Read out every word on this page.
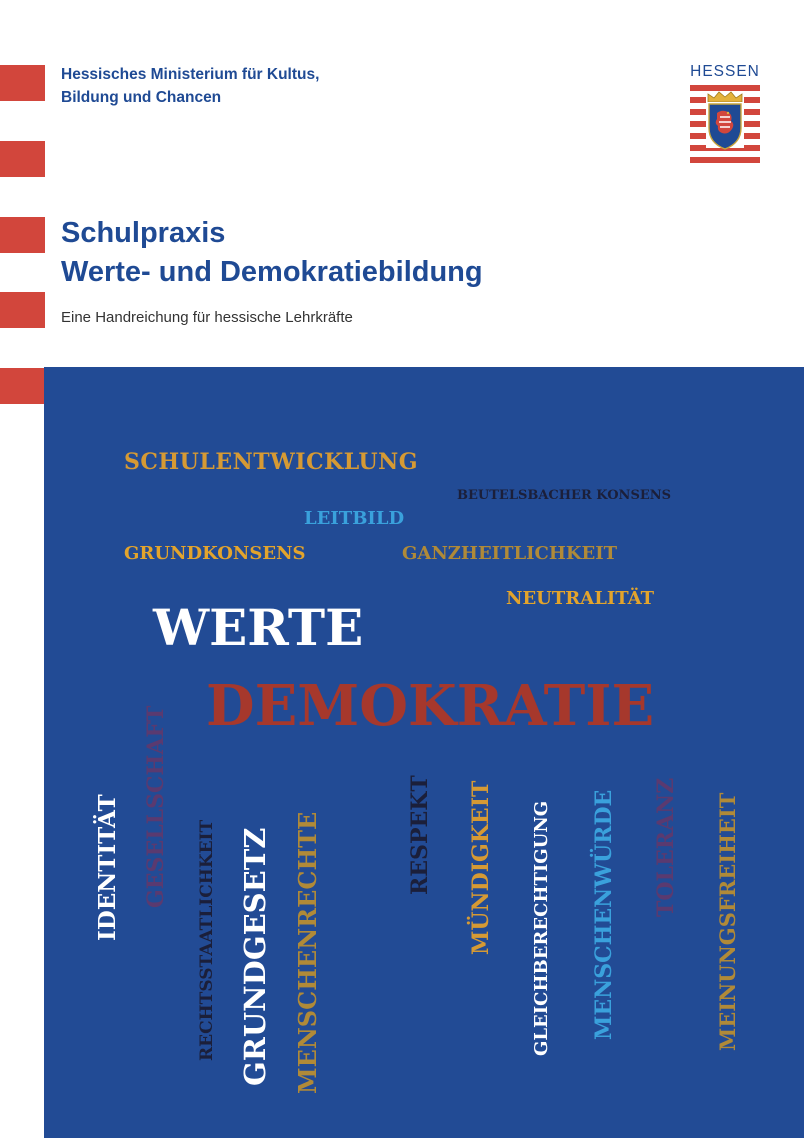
Hessisches Ministerium für Kultus,
Bildung und Chancen
HESSEN
Schulpraxis
Werte- und Demokratiebildung
Eine Handreichung für hessische Lehrkräfte
SCHULENTWICKLUNG
BEUTELSBACHER KONSENS
LEITBILD
GRUNDKONSENS	GANZHEITLICHKEIT
NEUTRALITÄT
WERTE
GESELLSCHAFT DEMOKRATIE
IDENTITÄT	RECHTSSTAATLICHKEIT GRUNDGESETZ MENSCHENRECHTE	RESPEKT MÜNDIGKEIT GLEICHBERECHTIGUNG MENSCHENWÜRDE TOLERANZ MEINUNGSFREIHEIT
